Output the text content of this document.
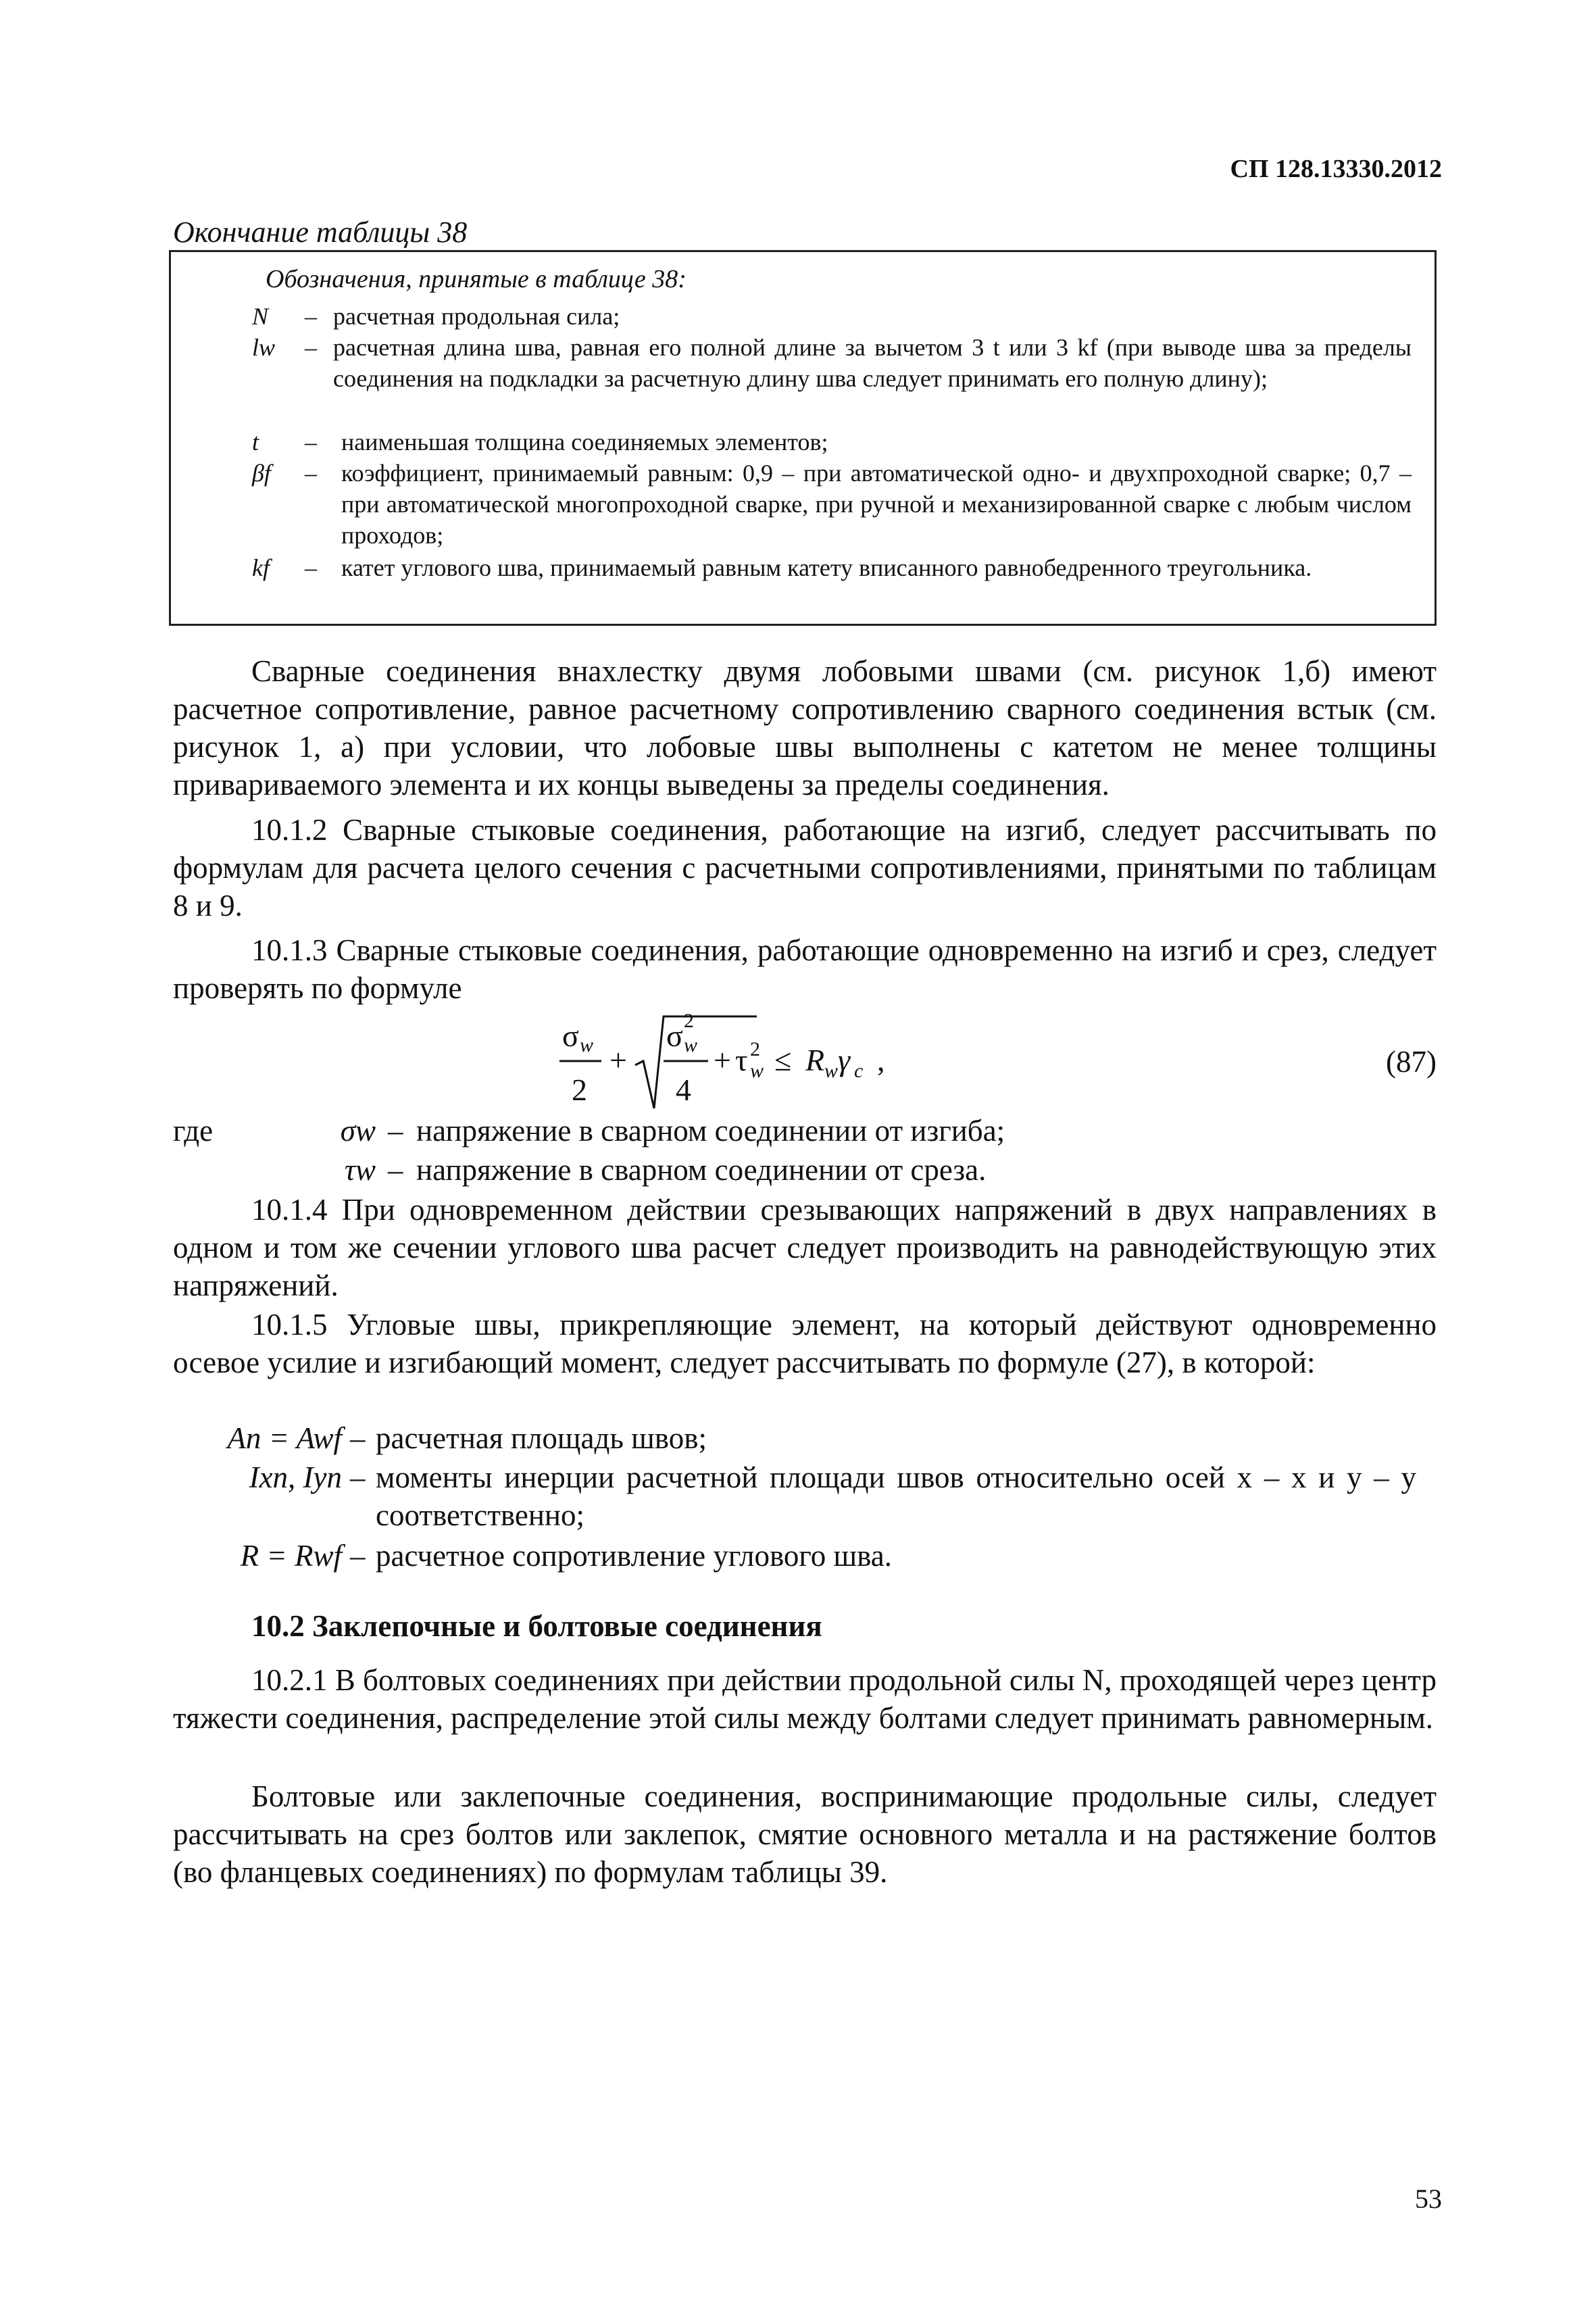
СП 128.13330.2012
Окончание таблицы 38
Обозначения, принятые в таблице 38:
N – расчетная продольная сила;
lw – расчетная длина шва, равная его полной длине за вычетом 3 t или 3 kf (при выводе шва за пределы соединения на подкладки за расчетную длину шва следует принимать его полную длину);
t – наименьшая толщина соединяемых элементов;
βf – коэффициент, принимаемый равным: 0,9 – при автоматической одно- и двухпроходной сварке; 0,7 – при автоматической многопроходной сварке, при ручной и механизированной сварке с любым числом проходов;
kf – катет углового шва, принимаемый равным катету вписанного равнобедренного треугольника.
Сварные соединения внахлестку двумя лобовыми швами (см. рисунок 1,б) имеют расчетное сопротивление, равное расчетному сопротивлению сварного соединения встык (см. рисунок 1, а) при условии, что лобовые швы выполнены с катетом не менее толщины привариваемого элемента и их концы выведены за пределы соединения.
10.1.2 Сварные стыковые соединения, работающие на изгиб, следует рассчитывать по формулам для расчета целого сечения с расчетными сопротивлениями, принятыми по таблицам 8 и 9.
10.1.3 Сварные стыковые соединения, работающие одновременно на изгиб и срез, следует проверять по формуле
σ w
2
+
σ 2
w
4
+ τ 2
w ≤ R w γ c ,	(87)
где	σw – напряжение в сварном соединении от изгиба;
τw – напряжение в сварном соединении от среза.
10.1.4 При одновременном действии срезывающих напряжений в двух направлениях в одном и том же сечении углового шва расчет следует производить на равнодействующую этих напряжений.
10.1.5 Угловые швы, прикрепляющие элемент, на который действуют одновременно осевое усилие и изгибающий момент, следует рассчитывать по формуле (27), в которой:
An = Awf – расчетная площадь швов;
Ixn, Iyn – моменты инерции расчетной площади швов относительно осей x – x и y – y соответственно;
R = Rwf – расчетное сопротивление углового шва.
10.2 Заклепочные и болтовые соединения
10.2.1 В болтовых соединениях при действии продольной силы N, проходящей через центр тяжести соединения, распределение этой силы между болтами следует принимать равномерным.
Болтовые или заклепочные соединения, воспринимающие продольные силы, следует рассчитывать на срез болтов или заклепок, смятие основного металла и на растяжение болтов (во фланцевых соединениях) по формулам таблицы 39.
53
